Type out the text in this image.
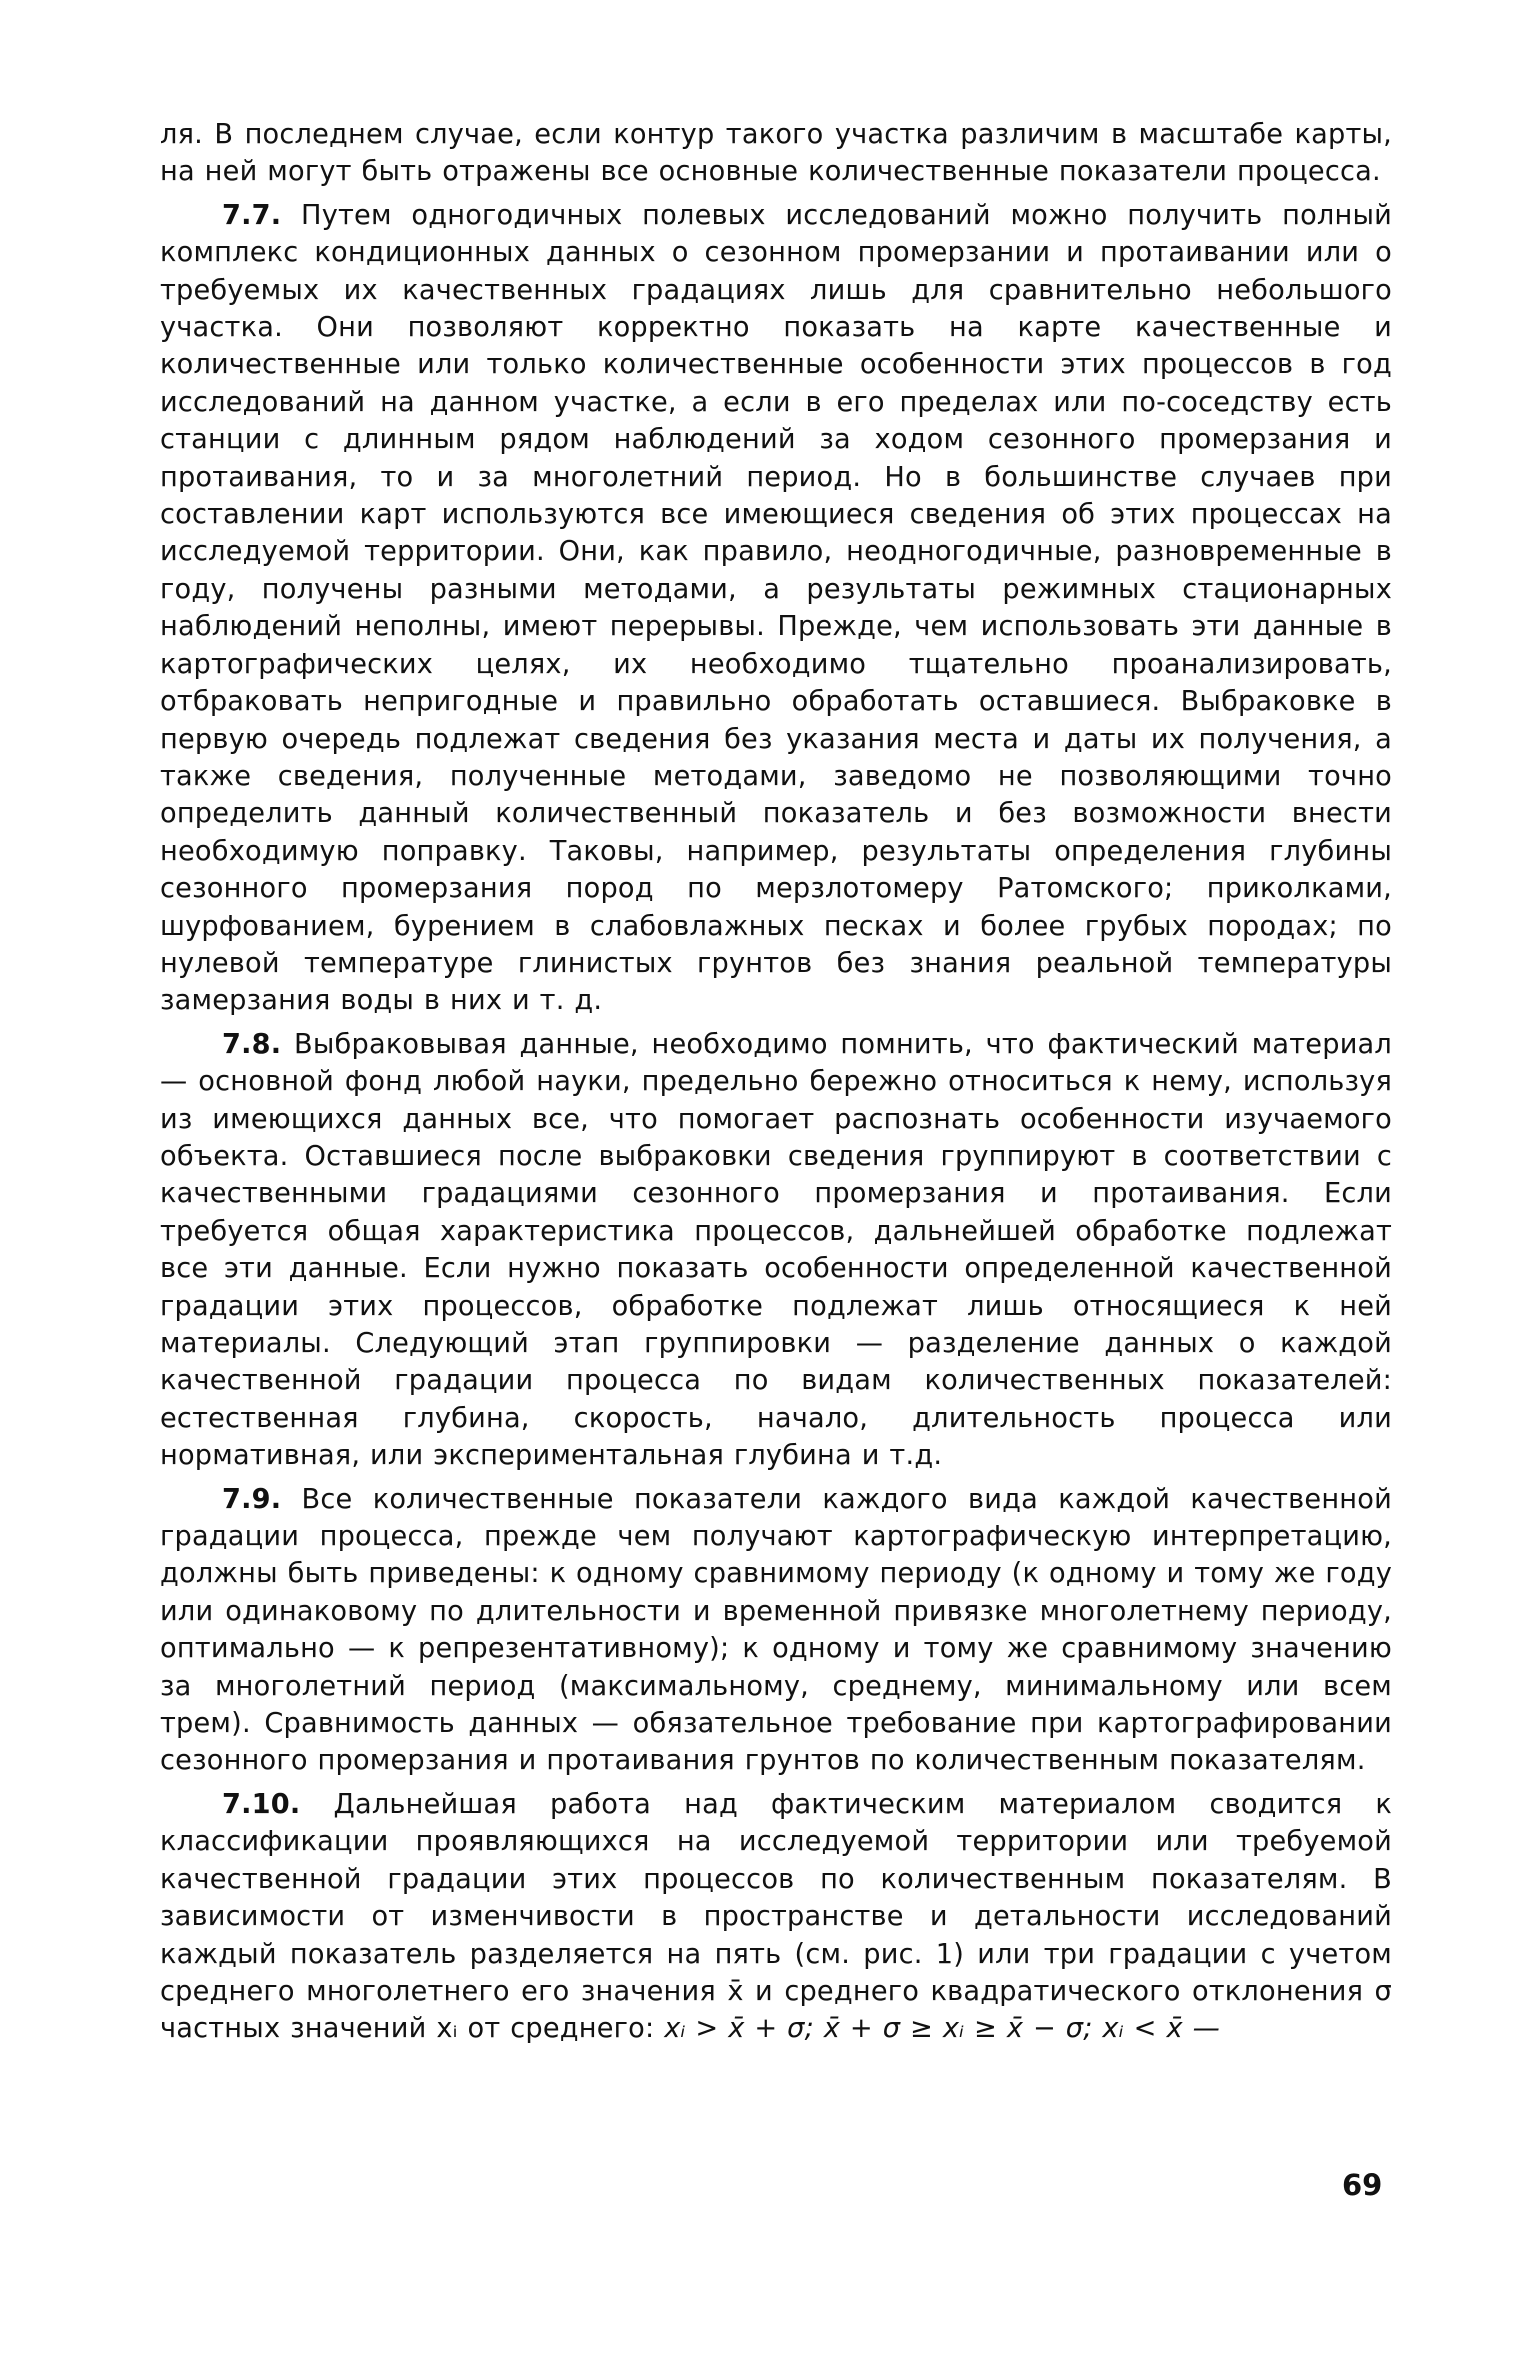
ля. В последнем случае, если контур такого участка различим в масштабе карты, на ней могут быть отражены все основные количественные показатели процесса.

7.7. Путем одногодичных полевых исследований можно получить полный комплекс кондиционных данных о сезонном промерзании и протаивании или о требуемых их качественных градациях лишь для сравнительно небольшого участка. Они позволяют корректно показать на карте качественные и количественные или только количественные особенности этих процессов в год исследований на данном участке, а если в его пределах или по-соседству есть станции с длинным рядом наблюдений за ходом сезонного промерзания и протаивания, то и за многолетний период. Но в большинстве случаев при составлении карт используются все имеющиеся сведения об этих процессах на исследуемой территории. Они, как правило, неодногодичные, разновременные в году, получены разными методами, а результаты режимных стационарных наблюдений неполны, имеют перерывы. Прежде, чем использовать эти данные в картографических целях, их необходимо тщательно проанализировать, отбраковать непригодные и правильно обработать оставшиеся. Выбраковке в первую очередь подлежат сведения без указания места и даты их получения, а также сведения, полученные методами, заведомо не позволяющими точно определить данный количественный показатель и без возможности внести необходимую поправку. Таковы, например, результаты определения глубины сезонного промерзания пород по мерзлотомеру Ратомского; приколками, шурфованием, бурением в слабовлажных песках и более грубых породах; по нулевой температуре глинистых грунтов без знания реальной температуры замерзания воды в них и т. д.

7.8. Выбраковывая данные, необходимо помнить, что фактический материал — основной фонд любой науки, предельно бережно относиться к нему, используя из имеющихся данных все, что помогает распознать особенности изучаемого объекта. Оставшиеся после выбраковки сведения группируют в соответствии с качественными градациями сезонного промерзания и протаивания. Если требуется общая характеристика процессов, дальнейшей обработке подлежат все эти данные. Если нужно показать особенности определенной качественной градации этих процессов, обработке подлежат лишь относящиеся к ней материалы. Следующий этап группировки — разделение данных о каждой качественной градации процесса по видам количественных показателей: естественная глубина, скорость, начало, длительность процесса или нормативная, или экспериментальная глубина и т.д.

7.9. Все количественные показатели каждого вида каждой качественной градации процесса, прежде чем получают картографическую интерпретацию, должны быть приведены: к одному сравнимому периоду (к одному и тому же году или одинаковому по длительности и временной привязке многолетнему периоду, оптимально — к репрезентативному); к одному и тому же сравнимому значению за многолетний период (максимальному, среднему, минимальному или всем трем). Сравнимость данных — обязательное требование при картографировании сезонного промерзания и протаивания грунтов по количественным показателям.

7.10. Дальнейшая работа над фактическим материалом сводится к классификации проявляющихся на исследуемой территории или требуемой качественной градации этих процессов по количественным показателям. В зависимости от изменчивости в пространстве и детальности исследований каждый показатель разделяется на пять (см. рис. 1) или три градации с учетом среднего многолетнего его значения x̄ и среднего квадратического отклонения σ частных значений xᵢ от среднего: xᵢ > x̄ + σ; x̄ + σ ≥ xᵢ ≥ x̄ − σ; xᵢ < x̄ —

69
